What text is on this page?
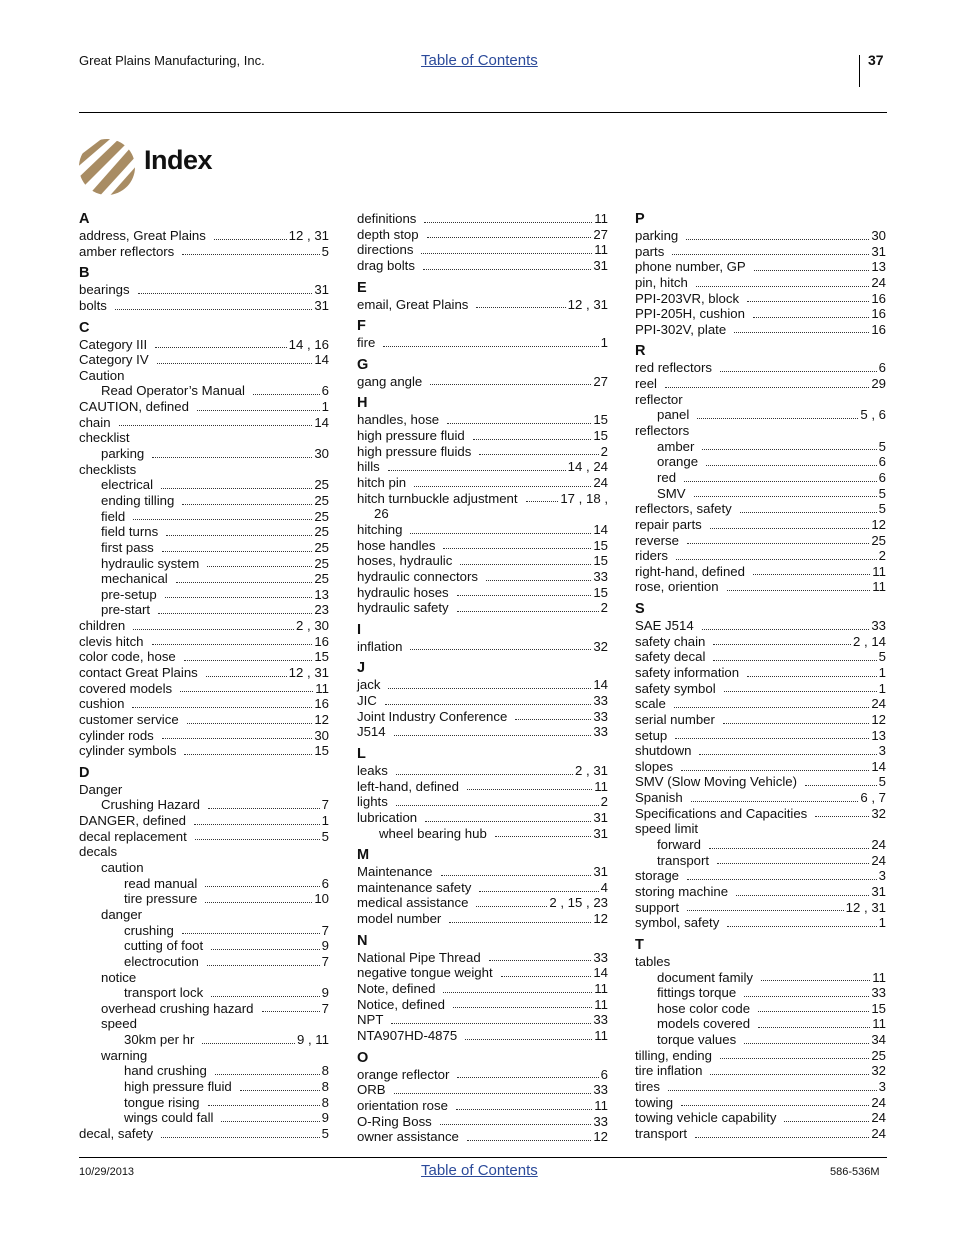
Great Plains Manufacturing, Inc.	Table of Contents	37
Index
A
address, Great Plains	12 , 31
amber reflectors	5
B
bearings	31
bolts	31
C
Category III	14 , 16
Category IV	14
Caution
Read Operator’s Manual	6
CAUTION, defined	1
chain	14
checklist
parking	30
checklists
electrical	25
ending tilling	25
field	25
field turns	25
first pass	25
hydraulic system	25
mechanical	25
pre-setup	13
pre-start	23
children	2 , 30
clevis hitch	16
color code, hose	15
contact Great Plains	12 , 31
covered models	11
cushion	16
customer service	12
cylinder rods	30
cylinder symbols	15
D
Danger
Crushing Hazard	7
DANGER, defined	1
decal replacement	5
decals
caution
read manual	6
tire pressure	10
danger
crushing	7
cutting of foot	9
electrocution	7
notice
transport lock	9
overhead crushing hazard	7
speed
30km per hr	9 , 11
warning
hand crushing	8
high pressure fluid	8
tongue rising	8
wings could fall	9
decal, safety	5
definitions	11
depth stop	27
directions	11
drag bolts	31
E
email, Great Plains	12 , 31
F
fire	1
G
gang angle	27
H
handles, hose	15
high pressure fluid	15
high pressure fluids	2
hills	14 , 24
hitch pin	24
hitch turnbuckle adjustment	17 , 18 ,
26
hitching	14
hose handles	15
hoses, hydraulic	15
hydraulic connectors	33
hydraulic hoses	15
hydraulic safety	2
I
inflation	32
J
jack	14
JIC	33
Joint Industry Conference	33
J514	33
L
leaks	2 , 31
left-hand, defined	11
lights	2
lubrication	31
wheel bearing hub	31
M
Maintenance	31
maintenance safety	4
medical assistance	2 , 15 , 23
model number	12
N
National Pipe Thread	33
negative tongue weight	14
Note, defined	11
Notice, defined	11
NPT	33
NTA907HD-4875	11
O
orange reflector	6
ORB	33
orientation rose	11
O-Ring Boss	33
owner assistance	12
P
parking	30
parts	31
phone number, GP	13
pin, hitch	24
PPI-203VR, block	16
PPI-205H, cushion	16
PPI-302V, plate	16
R
red reflectors	6
reel	29
reflector
panel	5 , 6
reflectors
amber	5
orange	6
red	6
SMV	5
reflectors, safety	5
repair parts	12
reverse	25
riders	2
right-hand, defined	11
rose, oriention	11
S
SAE J514	33
safety chain	2 , 14
safety decal	5
safety information	1
safety symbol	1
scale	24
serial number	12
setup	13
shutdown	3
slopes	14
SMV (Slow Moving Vehicle)	5
Spanish	6 , 7
Specifications and Capacities	32
speed limit
forward	24
transport	24
storage	3
storing machine	31
support	12 , 31
symbol, safety	1
T
tables
document family	11
fittings torque	33
hose color code	15
models covered	11
torque values	34
tilling, ending	25
tire inflation	32
tires	3
towing	24
towing vehicle capability	24
transport	24
10/29/2013	Table of Contents	586-536M
